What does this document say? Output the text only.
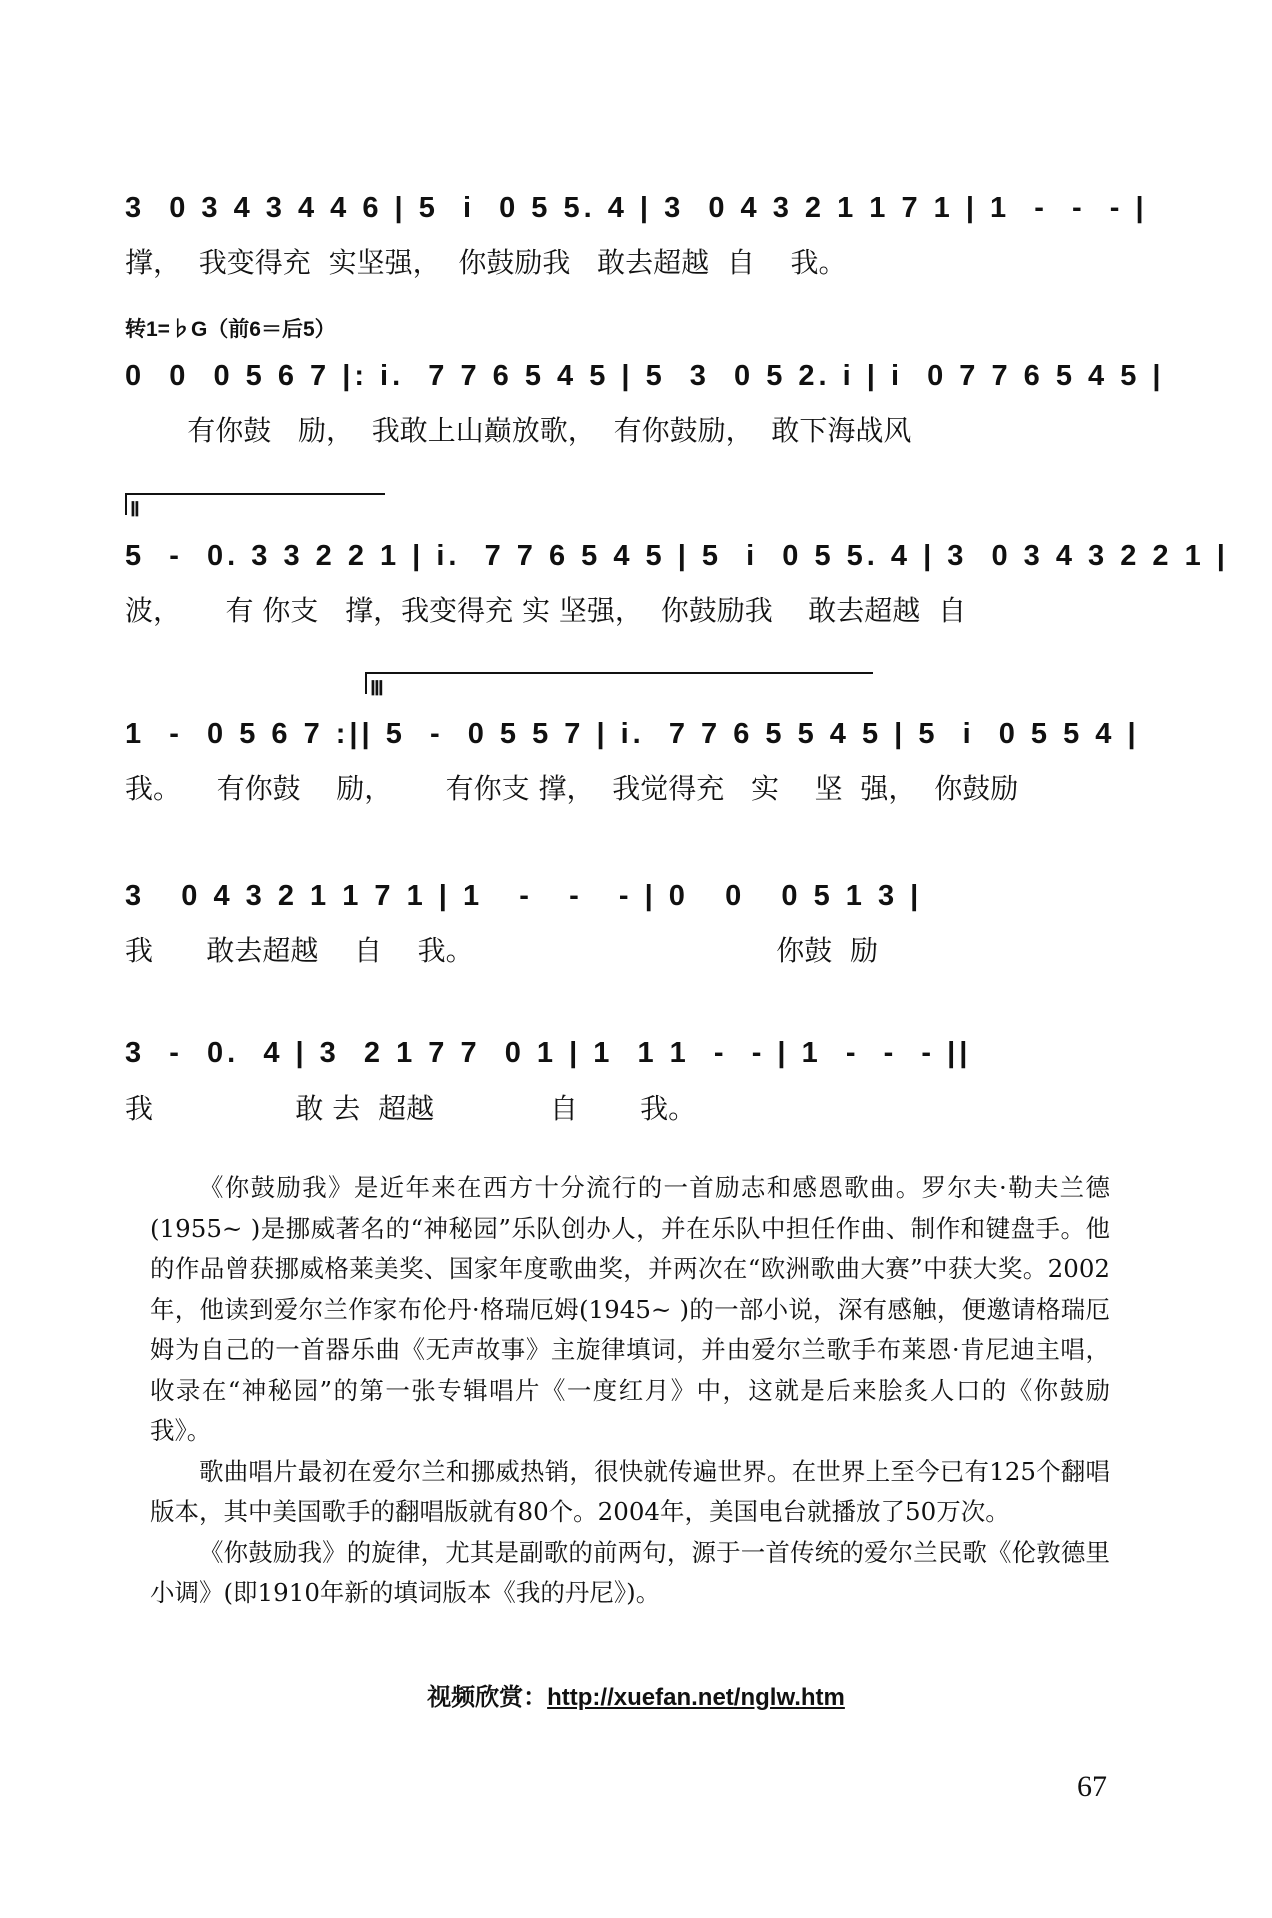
3  0 3 4 3 4 4 6 | 5  i  0 5 5. 4 | 3  0 4 3 2 1 1 7 1 | 1  -  -  - |
撑，  我变得充  实坚强，  你鼓励我   敢去超越  自    我。
转1=♭G（前6＝后5）
0  0  0 5 6 7 |: i.  7 7 6 5 4 5 | 5  3  0 5 2. i | i  0 7 7 6 5 4 5 |
有你鼓   励，  我敢上山巅放歌，  有你鼓励，  敢下海战风
Ⅱ
5  -  0. 3 3 2 2 1 | i.  7 7 6 5 4 5 | 5  i  0 5 5. 4 | 3  0 3 4 3 2 2 1 |
波，     有 你支   撑，我变得充 实 坚强，  你鼓励我    敢去超越  自
Ⅲ
1  -  0 5 6 7 :|| 5  -  0 5 5 7 | i.  7 7 6 5 5 4 5 | 5  i  0 5 5 4 |
我。    有你鼓    励，      有你支 撑，  我觉得充   实    坚  强，  你鼓励
3   0 4 3 2 1 1 7 1 | 1   -   -   - | 0   0   0 5 1 3 |
我      敢去超越    自    我。                                  你鼓  励
3  -  0.  4 | 3  2 1 7 7  0 1 | 1  1 1  -  - | 1  -  -  - ||
我                敢 去  超越             自       我。

《你鼓励我》是近年来在西方十分流行的一首励志和感恩歌曲。罗尔夫·勒夫兰德(1955~ )是挪威著名的“神秘园”乐队创办人，并在乐队中担任作曲、制作和键盘手。他的作品曾获挪威格莱美奖、国家年度歌曲奖，并两次在“欧洲歌曲大赛”中获大奖。2002年，他读到爱尔兰作家布伦丹·格瑞厄姆(1945~ )的一部小说，深有感触，便邀请格瑞厄姆为自己的一首器乐曲《无声故事》主旋律填词，并由爱尔兰歌手布莱恩·肯尼迪主唱，收录在“神秘园”的第一张专辑唱片《一度红月》中，这就是后来脍炙人口的《你鼓励我》。

歌曲唱片最初在爱尔兰和挪威热销，很快就传遍世界。在世界上至今已有125个翻唱版本，其中美国歌手的翻唱版就有80个。2004年，美国电台就播放了50万次。

《你鼓励我》的旋律，尤其是副歌的前两句，源于一首传统的爱尔兰民歌《伦敦德里小调》(即1910年新的填词版本《我的丹尼》)。

视频欣赏：http://xuefan.net/nglw.htm
67
